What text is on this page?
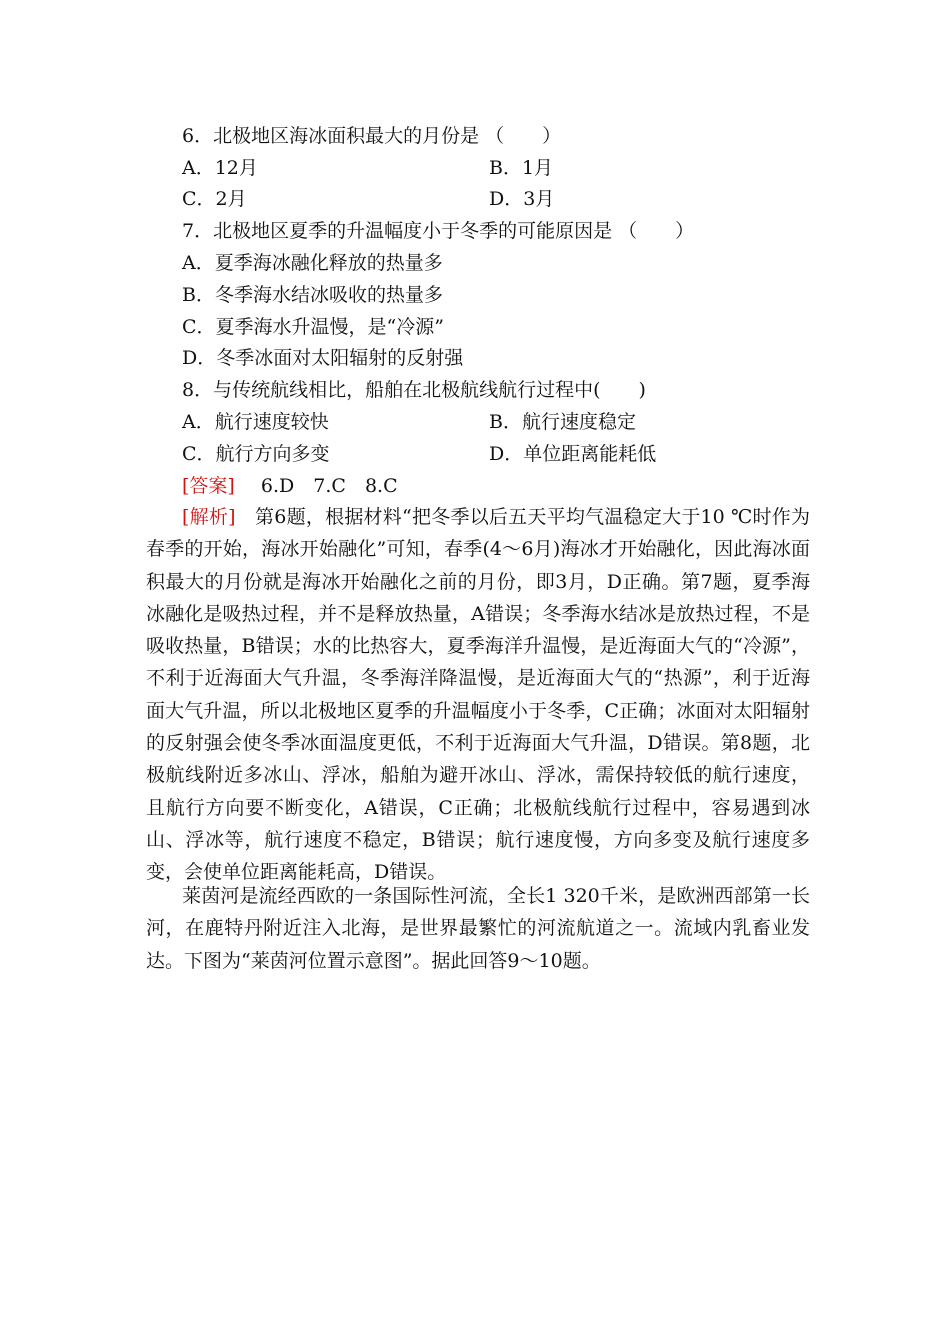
6．北极地区海冰面积最大的月份是 （　　）
A．12月	B．1月
C．2月	D．3月
7．北极地区夏季的升温幅度小于冬季的可能原因是 （　　）
A．夏季海冰融化释放的热量多
B．冬季海水结冰吸收的热量多
C．夏季海水升温慢，是“冷源”
D．冬季冰面对太阳辐射的反射强
8．与传统航线相比，船舶在北极航线航行过程中(　　)
A．航行速度较快	B．航行速度稳定
C．航行方向多变	D．单位距离能耗低
[答案] 6.D　7.C　8.C
[解析]　 第6题，根据材料“把冬季以后五天平均气温稳定大于10 ℃时作为春季的开始，海冰开始融化”可知，春季(4～6月)海冰才开始融化，因此海冰面积最大的月份就是海冰开始融化之前的月份，即3月，D正确。第7题，夏季海冰融化是吸热过程，并不是释放热量，A错误；冬季海水结冰是放热过程，不是吸收热量，B错误；水的比热容大，夏季海洋升温慢，是近海面大气的“冷源”，不利于近海面大气升温，冬季海洋降温慢，是近海面大气的“热源”，利于近海面大气升温，所以北极地区夏季的升温幅度小于冬季，C正确；冰面对太阳辐射的反射强会使冬季冰面温度更低，不利于近海面大气升温，D错误。第8题，北极航线附近多冰山、浮冰，船舶为避开冰山、浮冰，需保持较低的航行速度，且航行方向要不断变化，A错误，C正确；北极航线航行过程中，容易遇到冰山、浮冰等，航行速度不稳定，B错误；航行速度慢，方向多变及航行速度多变，会使单位距离能耗高，D错误。
莱茵河是流经西欧的一条国际性河流，全长1 320千米，是欧洲西部第一长河，在鹿特丹附近注入北海，是世界最繁忙的河流航道之一。流域内乳畜业发达。下图为“莱茵河位置示意图”。据此回答9～10题。
